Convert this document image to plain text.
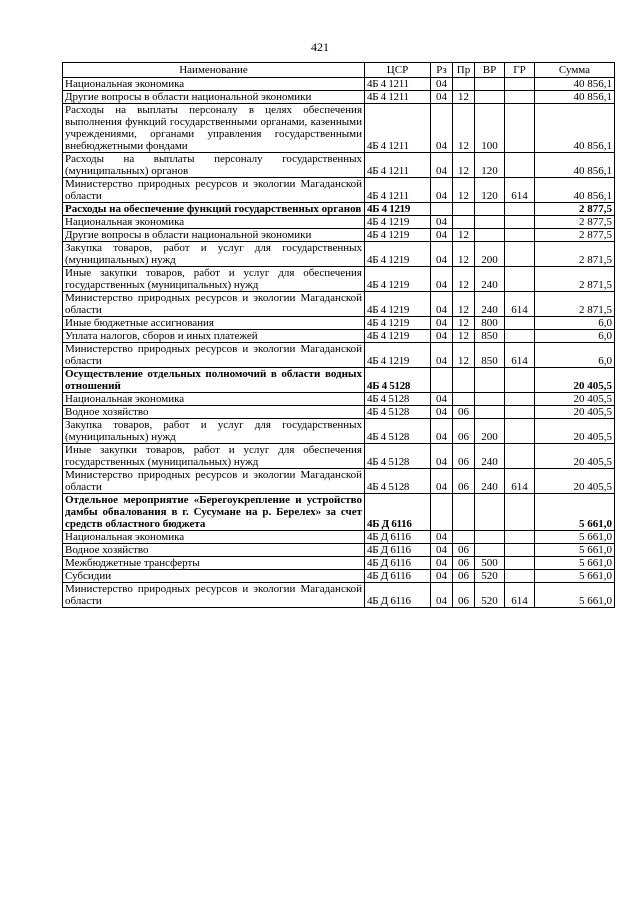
421
Наименование	ЦСР	Рз	Пр	ВР	ГР	Сумма
Национальная экономика	4Б 4 1211	04				40 856,1
Другие вопросы в области национальной экономики	4Б 4 1211	04	12			40 856,1
Расходы на выплаты персоналу в целях обеспечения выполнения функций государственными органами, казенными учреждениями, органами управления государственными внебюджетными фондами	4Б 4 1211	04	12	100		40 856,1
Расходы на выплаты персоналу государственных (муниципальных) органов	4Б 4 1211	04	12	120		40 856,1
Министерство природных ресурсов и экологии Магаданской области	4Б 4 1211	04	12	120	614	40 856,1
Расходы на обеспечение функций государственных органов	4Б 4 1219					2 877,5
Национальная экономика	4Б 4 1219	04				2 877,5
Другие вопросы в области национальной экономики	4Б 4 1219	04	12			2 877,5
Закупка товаров, работ и услуг для государственных (муниципальных) нужд	4Б 4 1219	04	12	200		2 871,5
Иные закупки товаров, работ и услуг для обеспечения государственных (муниципальных) нужд	4Б 4 1219	04	12	240		2 871,5
Министерство природных ресурсов и экологии Магаданской области	4Б 4 1219	04	12	240	614	2 871,5
Иные бюджетные ассигнования	4Б 4 1219	04	12	800		6,0
Уплата налогов, сборов и иных платежей	4Б 4 1219	04	12	850		6,0
Министерство природных ресурсов и экологии Магаданской области	4Б 4 1219	04	12	850	614	6,0
Осуществление отдельных полномочий в области водных отношений	4Б 4 5128					20 405,5
Национальная экономика	4Б 4 5128	04				20 405,5
Водное хозяйство	4Б 4 5128	04	06			20 405,5
Закупка товаров, работ и услуг для государственных (муниципальных) нужд	4Б 4 5128	04	06	200		20 405,5
Иные закупки товаров, работ и услуг для обеспечения государственных (муниципальных) нужд	4Б 4 5128	04	06	240		20 405,5
Министерство природных ресурсов и экологии Магаданской области	4Б 4 5128	04	06	240	614	20 405,5
Отдельное мероприятие «Берегоукрепление и устройство дамбы обвалования в г. Сусумане на р. Берелех» за счет средств областного бюджета	4Б Д 6116					5 661,0
Национальная экономика	4Б Д 6116	04				5 661,0
Водное хозяйство	4Б Д 6116	04	06			5 661,0
Межбюджетные трансферты	4Б Д 6116	04	06	500		5 661,0
Субсидии	4Б Д 6116	04	06	520		5 661,0
Министерство природных ресурсов и экологии Магаданской области	4Б Д 6116	04	06	520	614	5 661,0
